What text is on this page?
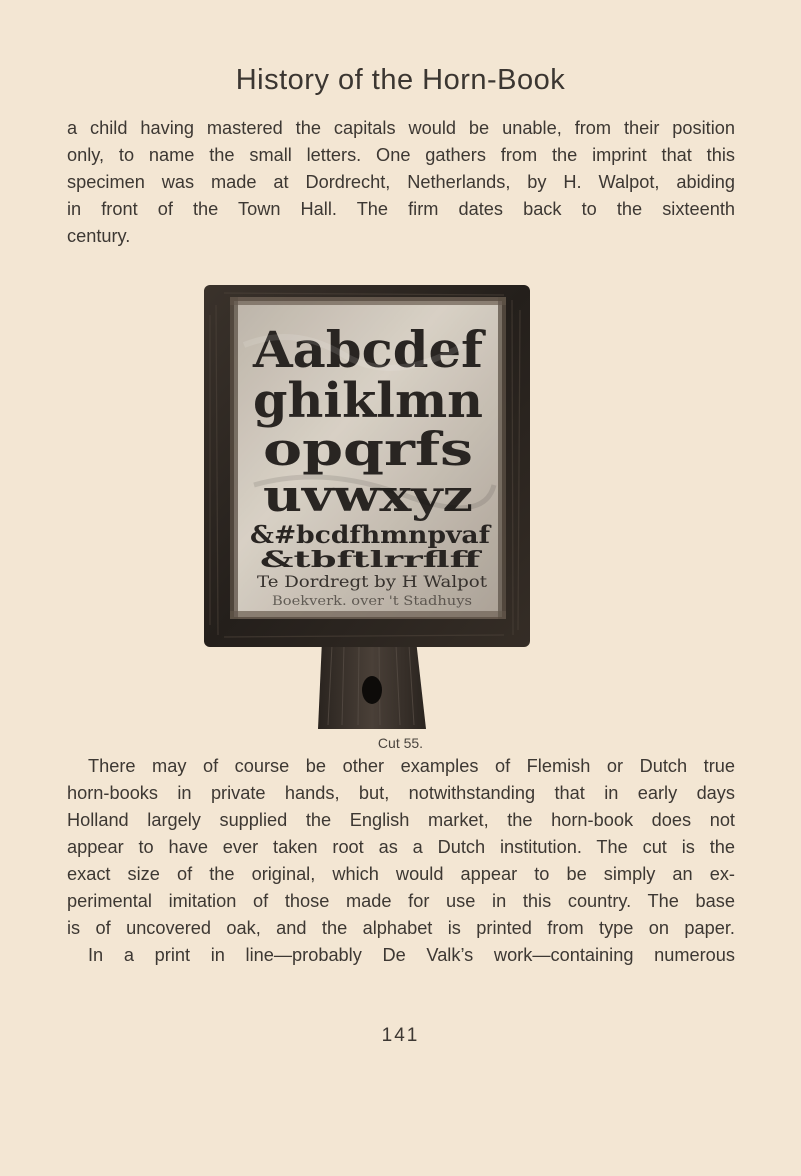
History of the Horn-Book
a child having mastered the capitals would be unable, from their position
only, to name the small letters. One gathers from the imprint that this
specimen was made at Dordrecht, Netherlands, by H. Walpot, abiding
in front of the Town Hall. The firm dates back to the sixteenth
century.
Aabcdef
ghiklmn
opqrfs
uvwxyz
&#bcdfhmnpvaf
&tbftlrrflff
Te Dordregt by H Walpot
Boekverk. over 't Stadhuys
Cut 55.
There may of course be other examples of Flemish or Dutch true
horn-books in private hands, but, notwithstanding that in early days
Holland largely supplied the English market, the horn-book does not
appear to have ever taken root as a Dutch institution. The cut is the
exact size of the original, which would appear to be simply an ex-
perimental imitation of those made for use in this country. The base
is of uncovered oak, and the alphabet is printed from type on paper.
In a print in line—probably De Valk’s work—containing numerous
141
